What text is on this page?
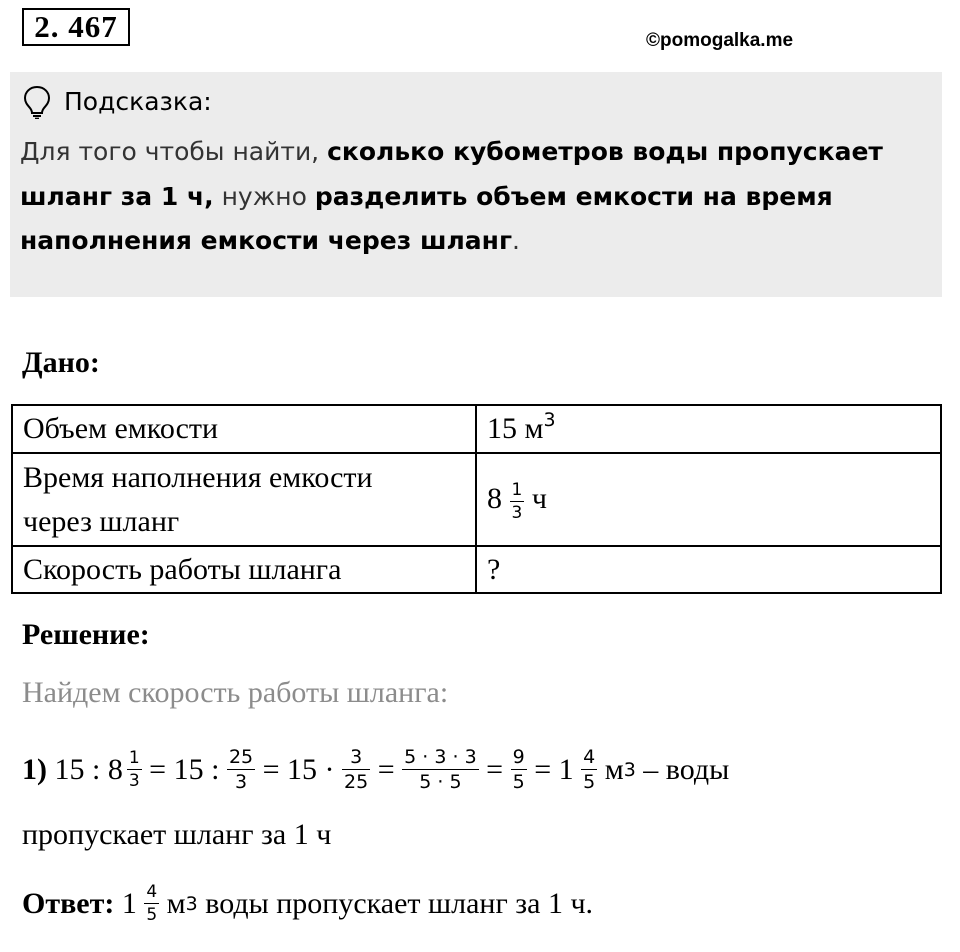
2. 467	©pomogalka.me
Подсказка:
Для того чтобы найти, сколько кубометров воды пропускает шланг за 1 ч, нужно разделить объем емкости на время наполнения емкости через шланг.
Дано:
Объем емкости	15 $м^3$
Время наполнения емкости
через шланг	$8 \frac{1}{3}$ ч
Скорость работы шланга	?
Решение:
Найдем скорость работы шланга:
1) 15 : $8 \frac{1}{3} = 15$ : $\frac{25}{3} = 15 \cdot \frac{3}{25} = \frac{5 \cdot 3 \cdot 3}{5 \cdot 5} = \frac{9}{5} = 1 \frac{4}{5}$ м 3 – воды
пропускает шланг за 1 ч
Ответ: $1 \frac{4}{5}$ м 3 воды пропускает шланг за 1 ч.
